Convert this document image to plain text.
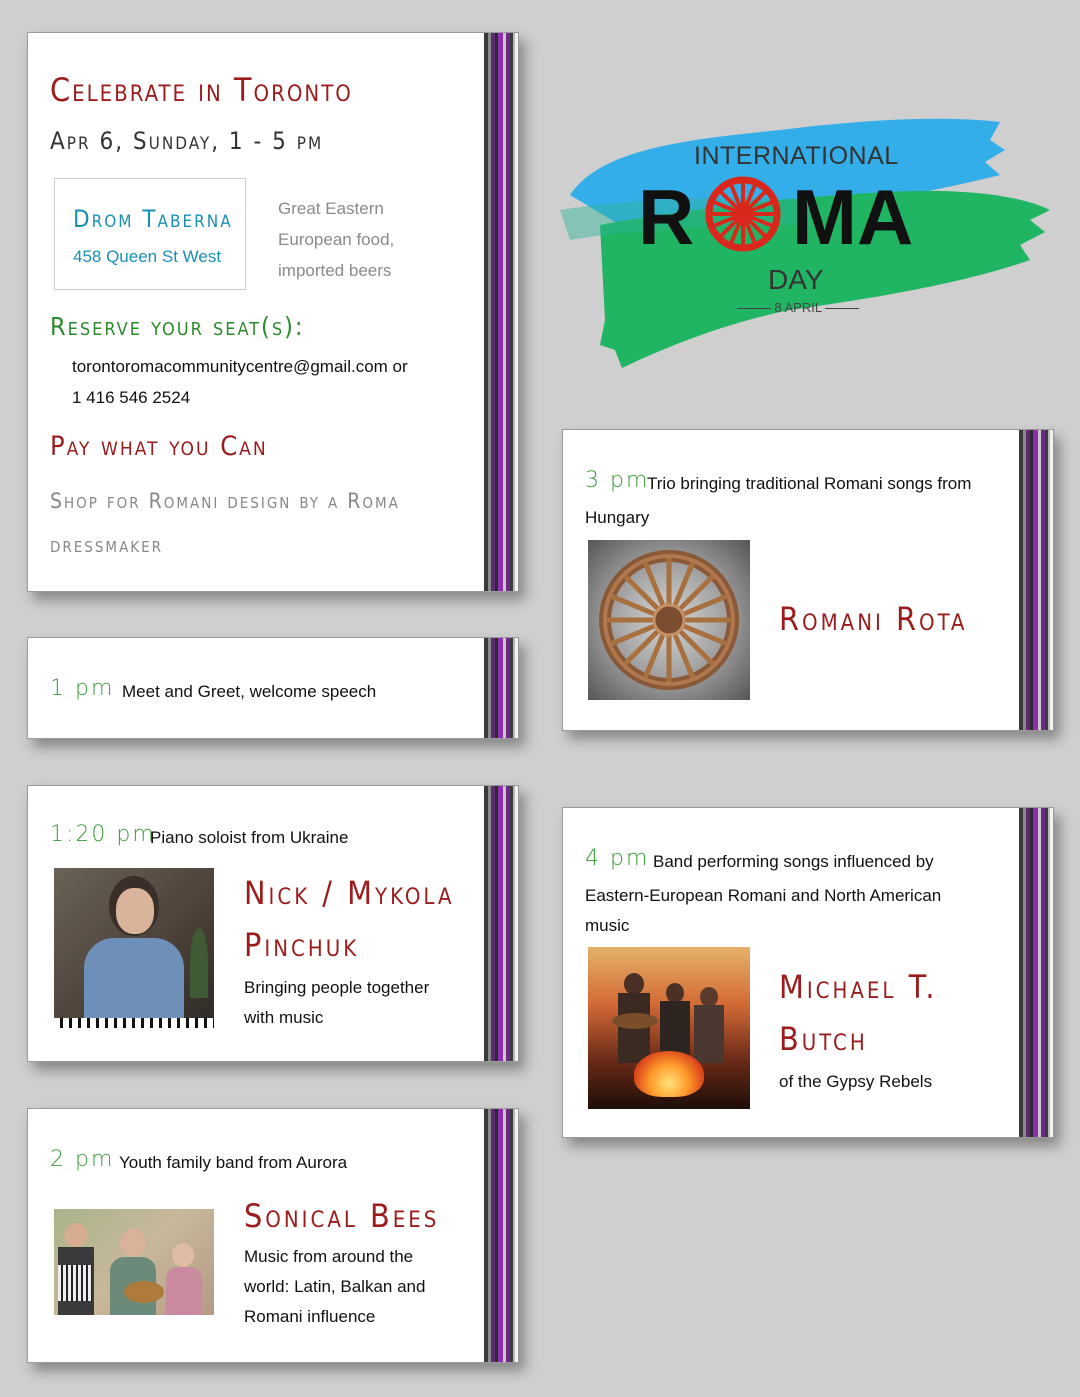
Celebrate in Toronto
Apr 6, Sunday, 1 - 5 pm
Drom Taberna
458 Queen St West
Great Eastern
European food,
imported beers
Reserve your seat(s):
torontoromacommunitycentre@gmail.com or
1 416 546 2524
Pay what you Can
Shop for Romani design by a Roma
dressmaker
INTERNATIONAL
R MA
DAY
8 APRIL
1 pm Meet and Greet, welcome speech
1:20 pm
Piano soloist from Ukraine
Nick / Mykola
Pinchuk
Bringing people together
with music
2 pm Youth family band from Aurora
Sonical Bees
Music from around the
world: Latin, Balkan and
Romani influence
3 pm
Trio bringing traditional Romani songs from
Hungary
Romani Rota
4 pm Band performing songs influenced by
Eastern-European Romani and North American
music
Michael T.
Butch
of the Gypsy Rebels
